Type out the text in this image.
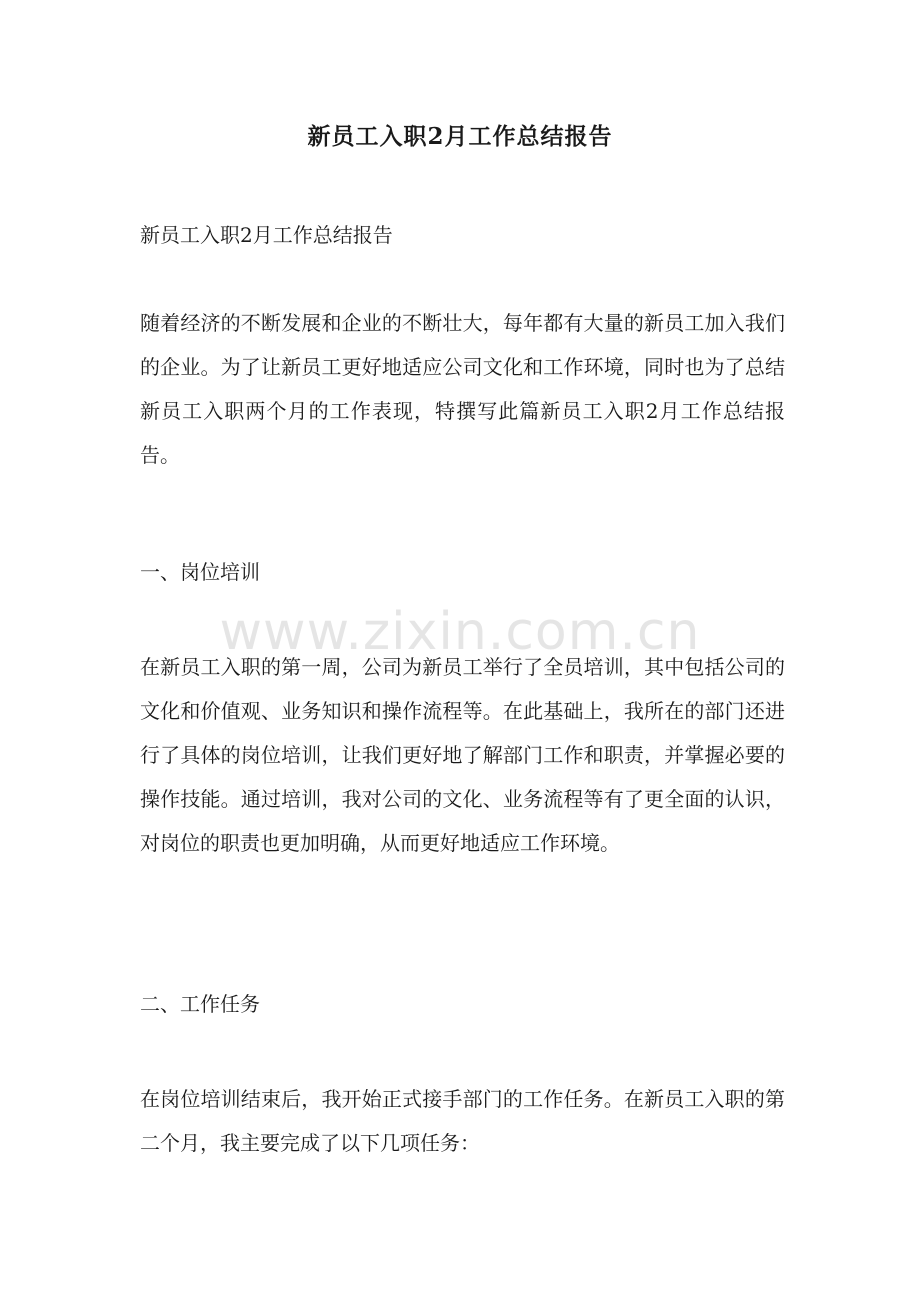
新员工入职2月工作总结报告

新员工入职2月工作总结报告

随着经济的不断发展和企业的不断壮大，每年都有大量的新员工加入我们的企业。为了让新员工更好地适应公司文化和工作环境，同时也为了总结新员工入职两个月的工作表现，特撰写此篇新员工入职2月工作总结报告。

一、岗位培训

在新员工入职的第一周，公司为新员工举行了全员培训，其中包括公司的文化和价值观、业务知识和操作流程等。在此基础上，我所在的部门还进行了具体的岗位培训，让我们更好地了解部门工作和职责，并掌握必要的操作技能。通过培训，我对公司的文化、业务流程等有了更全面的认识，对岗位的职责也更加明确，从而更好地适应工作环境。

二、工作任务

在岗位培训结束后，我开始正式接手部门的工作任务。在新员工入职的第二个月，我主要完成了以下几项任务：

www.zixin.com.cn
